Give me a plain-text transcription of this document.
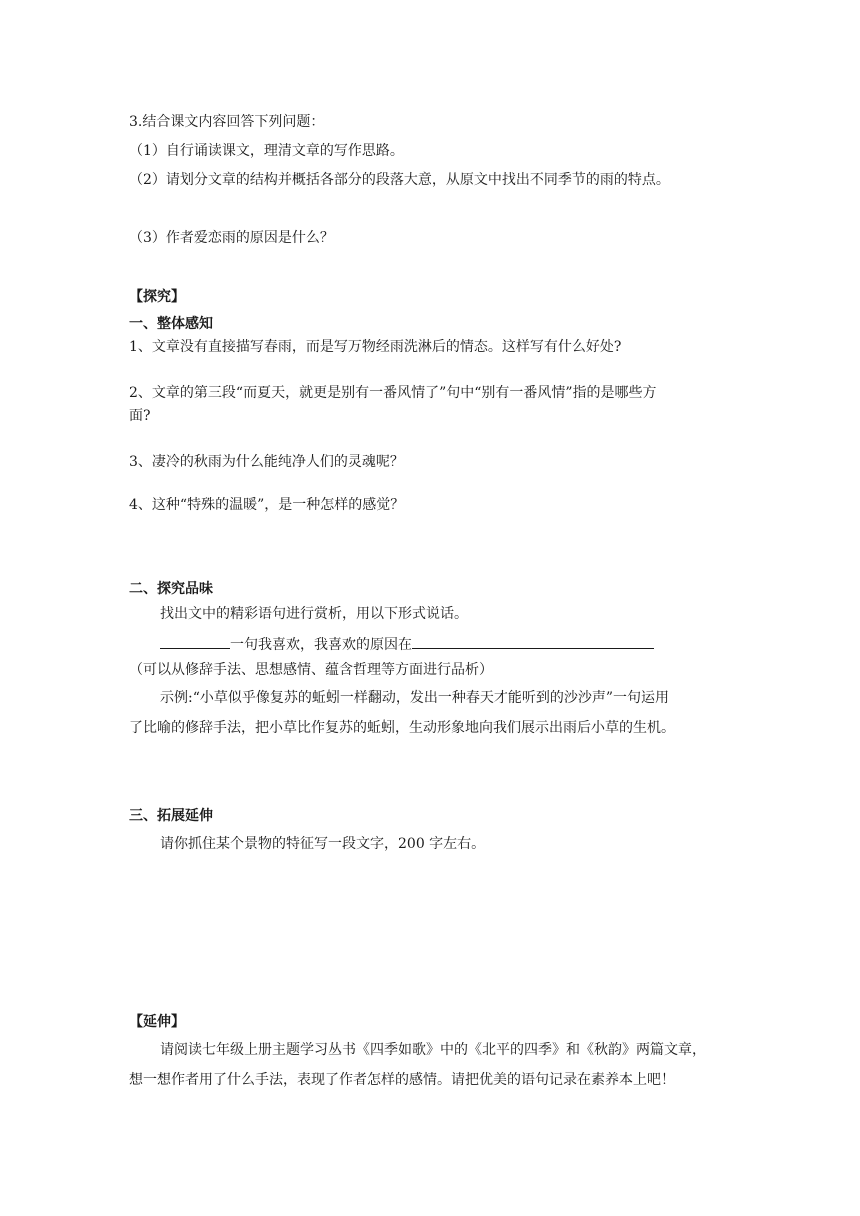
3.结合课文内容回答下列问题：
（1）自行诵读课文，理清文章的写作思路。
（2）请划分文章的结构并概括各部分的段落大意，从原文中找出不同季节的雨的特点。
（3）作者爱恋雨的原因是什么？
【探究】
一、整体感知
1、文章没有直接描写春雨，而是写万物经雨洗淋后的情态。这样写有什么好处?
2、文章的第三段“而夏天，就更是别有一番风情了”句中“别有一番风情”指的是哪些方
面?
3、凄冷的秋雨为什么能纯净人们的灵魂呢？
4、这种“特殊的温暖”，是一种怎样的感觉？
二、探究品味
找出文中的精彩语句进行赏析，用以下形式说话。
一句我喜欢，我喜欢的原因在
（可以从修辞手法、思想感情、蕴含哲理等方面进行品析）
示例:“小草似乎像复苏的蚯蚓一样翻动，发出一种春天才能听到的沙沙声”一句运用
了比喻的修辞手法，把小草比作复苏的蚯蚓，生动形象地向我们展示出雨后小草的生机。
三、拓展延伸
请你抓住某个景物的特征写一段文字，200 字左右。
【延伸】
请阅读七年级上册主题学习丛书《四季如歌》中的《北平的四季》和《秋韵》两篇文章，
想一想作者用了什么手法，表现了作者怎样的感情。请把优美的语句记录在素养本上吧！
